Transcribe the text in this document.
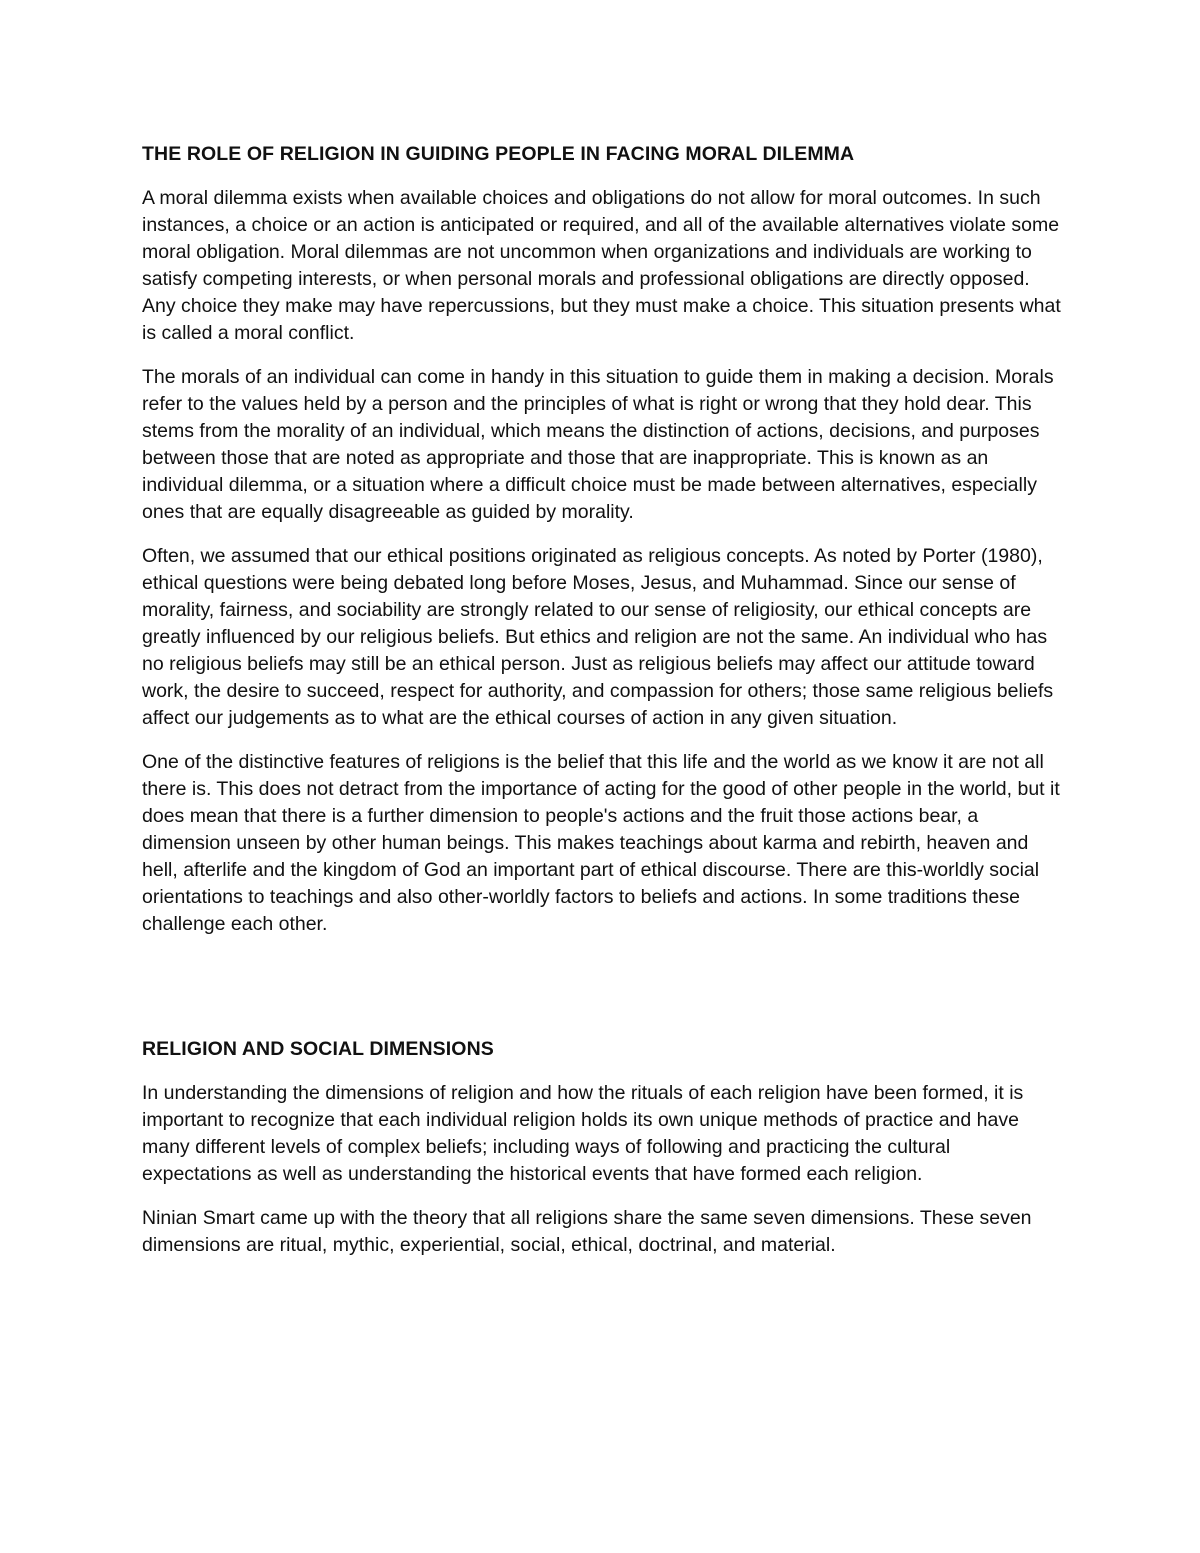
THE ROLE OF RELIGION IN GUIDING PEOPLE IN FACING MORAL DILEMMA

A moral dilemma exists when available choices and obligations do not allow for moral outcomes. In such instances, a choice or an action is anticipated or required, and all of the available alternatives violate some moral obligation. Moral dilemmas are not uncommon when organizations and individuals are working to satisfy competing interests, or when personal morals and professional obligations are directly opposed. Any choice they make may have repercussions, but they must make a choice. This situation presents what is called a moral conflict.

The morals of an individual can come in handy in this situation to guide them in making a decision. Morals refer to the values held by a person and the principles of what is right or wrong that they hold dear. This stems from the morality of an individual, which means the distinction of actions, decisions, and purposes between those that are noted as appropriate and those that are inappropriate. This is known as an individual dilemma, or a situation where a difficult choice must be made between alternatives, especially ones that are equally disagreeable as guided by morality.

Often, we assumed that our ethical positions originated as religious concepts. As noted by Porter (1980), ethical questions were being debated long before Moses, Jesus, and Muhammad. Since our sense of morality, fairness, and sociability are strongly related to our sense of religiosity, our ethical concepts are greatly influenced by our religious beliefs. But ethics and religion are not the same. An individual who has no religious beliefs may still be an ethical person. Just as religious beliefs may affect our attitude toward work, the desire to succeed, respect for authority, and compassion for others; those same religious beliefs affect our judgements as to what are the ethical courses of action in any given situation.

One of the distinctive features of religions is the belief that this life and the world as we know it are not all there is. This does not detract from the importance of acting for the good of other people in the world, but it does mean that there is a further dimension to people's actions and the fruit those actions bear, a dimension unseen by other human beings. This makes teachings about karma and rebirth, heaven and hell, afterlife and the kingdom of God an important part of ethical discourse. There are this-worldly social orientations to teachings and also other-worldly factors to beliefs and actions. In some traditions these challenge each other.

RELIGION AND SOCIAL DIMENSIONS

In understanding the dimensions of religion and how the rituals of each religion have been formed, it is important to recognize that each individual religion holds its own unique methods of practice and have many different levels of complex beliefs; including ways of following and practicing the cultural expectations as well as understanding the historical events that have formed each religion.

Ninian Smart came up with the theory that all religions share the same seven dimensions. These seven dimensions are ritual, mythic, experiential, social, ethical, doctrinal, and material.
